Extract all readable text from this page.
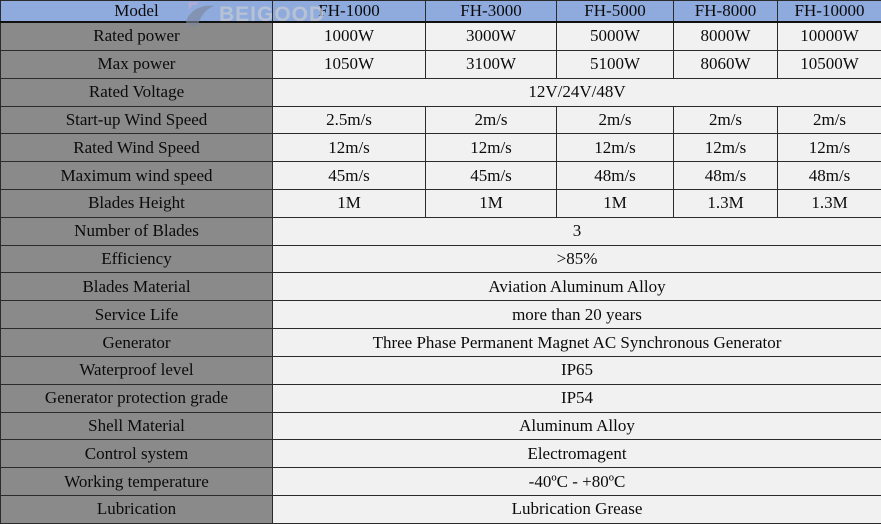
Model	FH-1000	FH-3000	FH-5000	FH-8000	FH-10000
Rated power	1000W	3000W	5000W	8000W	10000W
Max power	1050W	3100W	5100W	8060W	10500W
Rated Voltage	12V/24V/48V				
Start-up Wind Speed	2.5m/s	2m/s	2m/s	2m/s	2m/s
Rated Wind Speed	12m/s	12m/s	12m/s	12m/s	12m/s
Maximum wind speed	45m/s	45m/s	48m/s	48m/s	48m/s
Blades Height	1M	1M	1M	1.3M	1.3M
Number of Blades	3				
Efficiency	>85%				
Blades Material	Aviation Aluminum Alloy				
Service Life	more than 20 years				
Generator	Three Phase Permanent Magnet AC Synchronous Generator				
Waterproof level	IP65				
Generator protection grade	IP54				
Shell Material	Aluminum Alloy				
Control system	Electromagent				
Working temperature	-40ºC - +80ºC				
Lubrication	Lubrication Grease				
BEIGOOD
